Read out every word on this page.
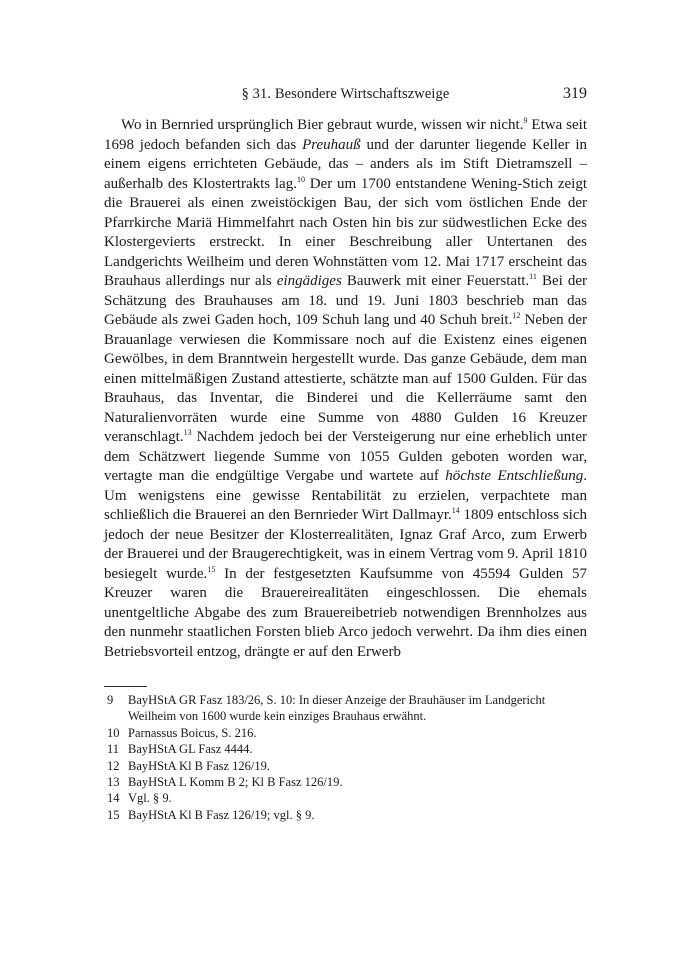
§ 31. Besondere Wirtschaftszweige	319

Wo in Bernried ursprünglich Bier gebraut wurde, wissen wir nicht.$^9$ Etwa seit 1698 jedoch befanden sich das Preuhauß und der darunter liegende Keller in einem eigens errichteten Gebäude, das – anders als im Stift Dietramszell – außerhalb des Klostertrakts lag.$^{10}$ Der um 1700 entstandene Wening-Stich zeigt die Brauerei als einen zweistöckigen Bau, der sich vom östlichen Ende der Pfarrkirche Mariä Himmelfahrt nach Osten hin bis zur südwestlichen Ecke des Klostergevierts erstreckt. In einer Beschreibung aller Untertanen des Landgerichts Weilheim und deren Wohnstätten vom 12. Mai 1717 erscheint das Brauhaus allerdings nur als eingädiges Bauwerk mit einer Feuerstatt.$^{11}$ Bei der Schätzung des Brauhauses am 18. und 19. Juni 1803 beschrieb man das Gebäude als zwei Gaden hoch, 109 Schuh lang und 40 Schuh breit.$^{12}$ Neben der Brauanlage verwiesen die Kommissare noch auf die Existenz eines eigenen Gewölbes, in dem Branntwein hergestellt wurde. Das ganze Gebäude, dem man einen mittelmäßigen Zustand attestierte, schätzte man auf 1500 Gulden. Für das Brauhaus, das Inventar, die Binderei und die Kellerräume samt den Naturalienvorräten wurde eine Summe von 4880 Gulden 16 Kreuzer veranschlagt.$^{13}$ Nachdem jedoch bei der Versteigerung nur eine erheblich unter dem Schätzwert liegende Summe von 1055 Gulden geboten worden war, vertagte man die endgültige Vergabe und wartete auf höchste Entschließung. Um wenigstens eine gewisse Rentabilität zu erzielen, verpachtete man schließlich die Brauerei an den Bernrieder Wirt Dallmayr.$^{14}$ 1809 entschloss sich jedoch der neue Besitzer der Klosterrealitäten, Ignaz Graf Arco, zum Erwerb der Brauerei und der Braugerechtigkeit, was in einem Vertrag vom 9. April 1810 besiegelt wurde.$^{15}$ In der festgesetzten Kaufsumme von 45594 Gulden 57 Kreuzer waren die Brauereirealitäten eingeschlossen. Die ehemals unentgeltliche Abgabe des zum Brauereibetrieb notwendigen Brennholzes aus den nunmehr staatlichen Forsten blieb Arco jedoch verwehrt. Da ihm dies einen Betriebsvorteil entzog, drängte er auf den Erwerb

9	BayHStA GR Fasz 183/26, S. 10: In dieser Anzeige der Brauhäuser im Landgericht Weilheim von 1600 wurde kein einziges Brauhaus erwähnt.
10 Parnassus Boicus, S. 216.
11 BayHStA GL Fasz 4444.
12 BayHStA Kl B Fasz 126/19.
13 BayHStA L Komm B 2; Kl B Fasz 126/19.
14 Vgl. § 9.
15 BayHStA Kl B Fasz 126/19; vgl. § 9.
